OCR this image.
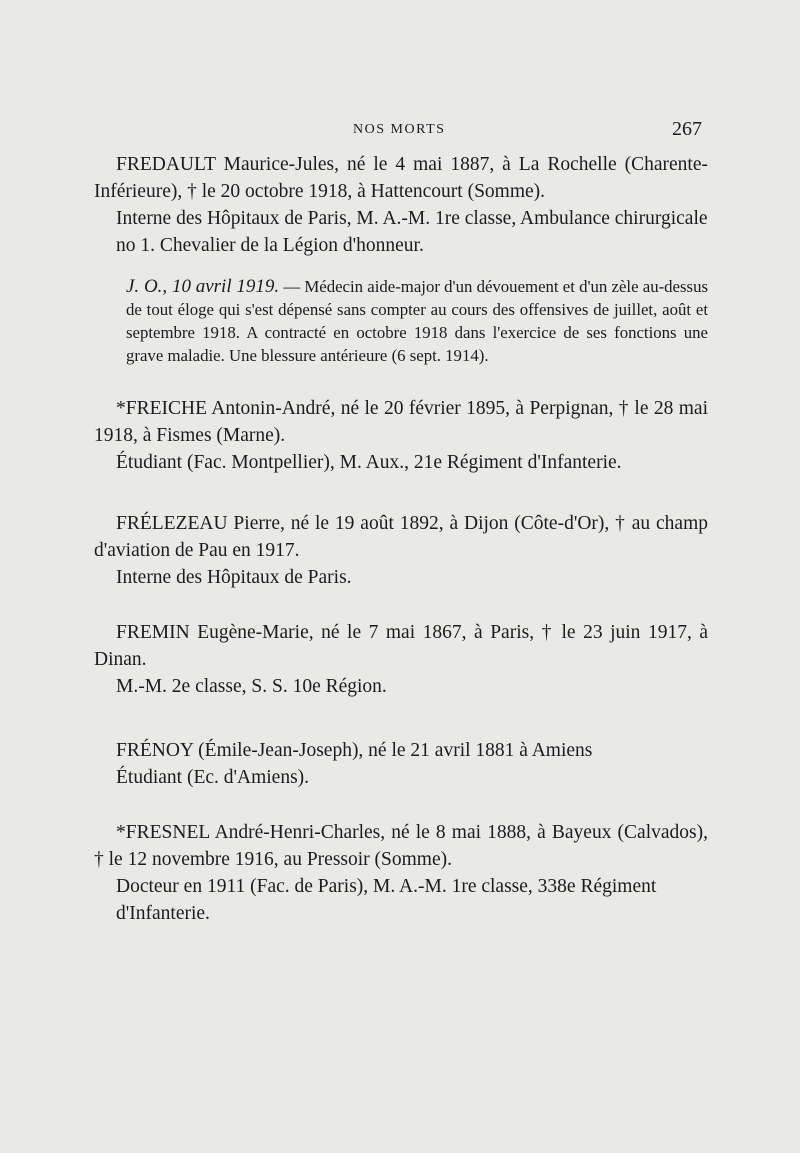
NOS MORTS	267

FREDAULT Maurice-Jules, né le 4 mai 1887, à La Rochelle (Charente-Inférieure), † le 20 octobre 1918, à Hattencourt (Somme).

Interne des Hôpitaux de Paris, M. A.-M. 1re classe, Ambulance chirurgicale no 1. Chevalier de la Légion d'honneur.

J. O., 10 avril 1919. — Médecin aide-major d'un dévouement et d'un zèle au-dessus de tout éloge qui s'est dépensé sans compter au cours des offensives de juillet, août et septembre 1918. A contracté en octobre 1918 dans l'exercice de ses fonctions une grave maladie. Une blessure antérieure (6 sept. 1914).

*FREICHE Antonin-André, né le 20 février 1895, à Perpignan, † le 28 mai 1918, à Fismes (Marne).

Étudiant (Fac. Montpellier), M. Aux., 21e Régiment d'Infanterie.

FRÉLEZEAU Pierre, né le 19 août 1892, à Dijon (Côte-d'Or), † au champ d'aviation de Pau en 1917.

Interne des Hôpitaux de Paris.

FREMIN Eugène-Marie, né le 7 mai 1867, à Paris, † le 23 juin 1917, à Dinan.

M.-M. 2e classe, S. S. 10e Région.

FRÉNOY (Émile-Jean-Joseph), né le 21 avril 1881 à Amiens

Étudiant (Ec. d'Amiens).

*FRESNEL André-Henri-Charles, né le 8 mai 1888, à Bayeux (Calvados), † le 12 novembre 1916, au Pressoir (Somme).

Docteur en 1911 (Fac. de Paris), M. A.-M. 1re classe, 338e Régiment d'Infanterie.
